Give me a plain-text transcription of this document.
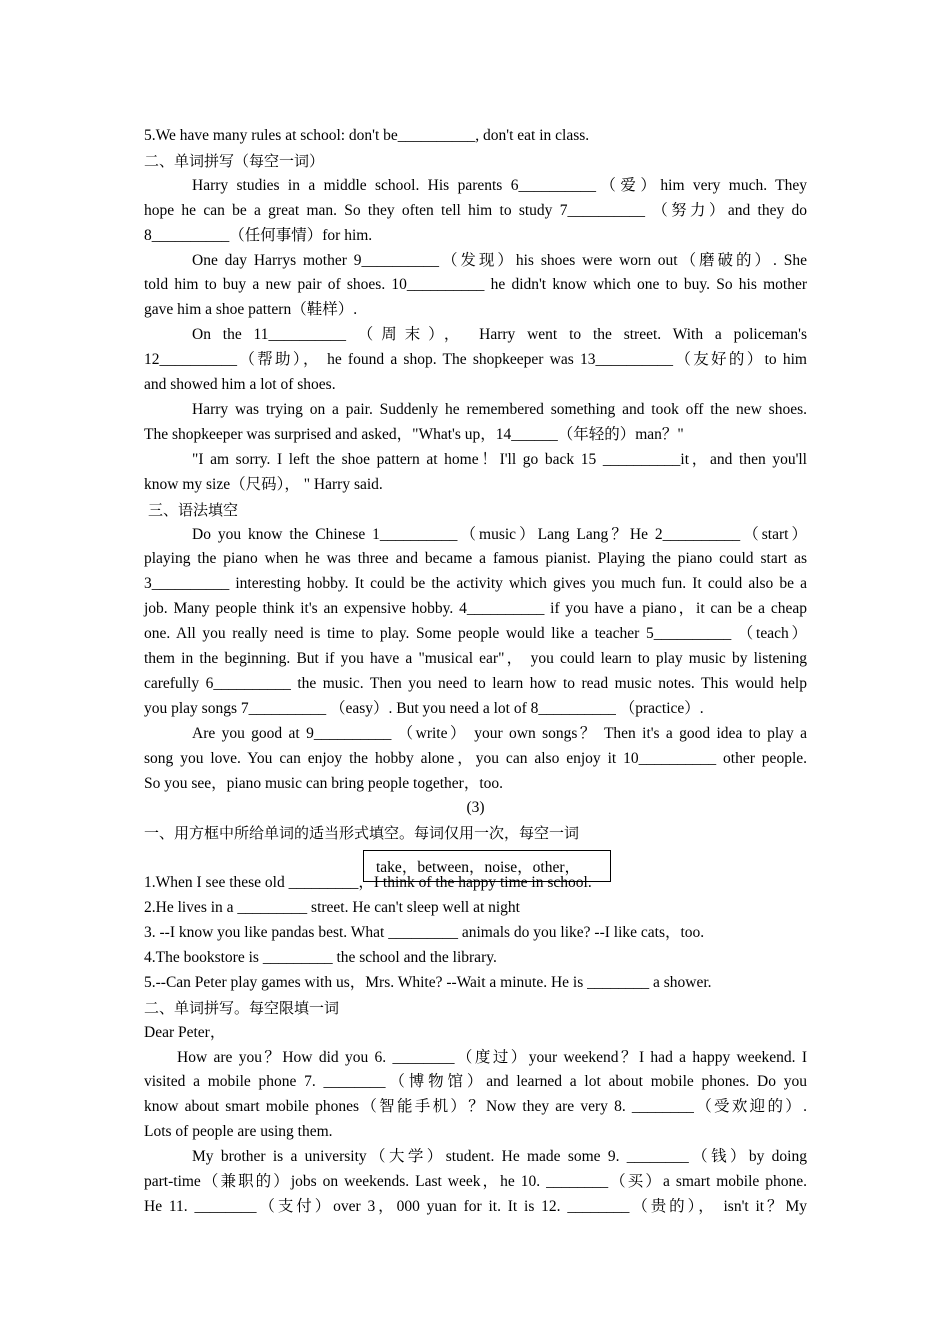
5.We have many rules at school: don't be__________, don't eat in class.
二、单词拼写（每空一词）
Harry studies in a middle school. His parents 6__________（爱）him very much. They
hope he can be a great man. So they often tell him to study 7__________ （努力）and they do
8__________（任何事情）for him.
One day Harrys mother 9__________（发现）his shoes were worn out（磨破的）. She
told him to buy a new pair of shoes. 10__________ he didn't know which one to buy. So his mother
gave him a shoe pattern（鞋样）.
On the 11__________ （周末）， Harry went to the street. With a policeman's
12__________（帮助）， he found a shop. The shopkeeper was 13__________（友好的）to him
and showed him a lot of shoes.
Harry was trying on a pair. Suddenly he remembered something and took off the new shoes.
The shopkeeper was surprised and asked，"What's up，14______（年轻的）man？"
"I am sorry. I left the shoe pattern at home！I'll go back 15 __________it，and then you'll
know my size（尺码）， " Harry said.
三、语法填空
Do you know the Chinese 1__________（music）Lang Lang？He 2__________（start）
playing the piano when he was three and became a famous pianist. Playing the piano could start as
3__________ interesting hobby. It could be the activity which gives you much fun. It could also be a
job. Many people think it's an expensive hobby. 4__________ if you have a piano，it can be a cheap
one. All you really need is time to play. Some people would like a teacher 5__________ （teach）
them in the beginning. But if you have a "musical ear"， you could learn to play music by listening
carefully 6__________ the music. Then you need to learn how to read music notes. This would help
you play songs 7__________ （easy）. But you need a lot of 8__________ （practice）.
Are you good at 9__________ （write） your own songs？ Then it's a good idea to play a
song you love. You can enjoy the hobby alone，you can also enjoy it 10__________ other people.
So you see，piano music can bring people together，too.
(3)
一、用方框中所给单词的适当形式填空。每词仅用一次，每空一词
1.When I see these old _________，I think of the happy time in school.
2.He lives in a _________ street. He can't sleep well at night
3. --I know you like pandas best. What _________ animals do you like? --I like cats，too.
4.The bookstore is _________ the school and the library.
5.--Can Peter play games with us，Mrs. White? --Wait a minute. He is ________ a shower.
二、单词拼写。每空限填一词
Dear Peter，
How are you？How did you 6. ________（度过）your weekend？I had a happy weekend. I
visited a mobile phone 7. ________（博物馆）and learned a lot about mobile phones. Do you
know about smart mobile phones（智能手机）？Now they are very 8. ________（受欢迎的）.
Lots of people are using them.
My brother is a university（大学）student. He made some 9. ________（钱）by doing
part-time（兼职的）jobs on weekends. Last week，he 10. ________（买）a smart mobile phone.
He 11. ________（支付）over 3，000 yuan for it. It is 12. ________（贵的）， isn't it？My
take，between，noise，other，
